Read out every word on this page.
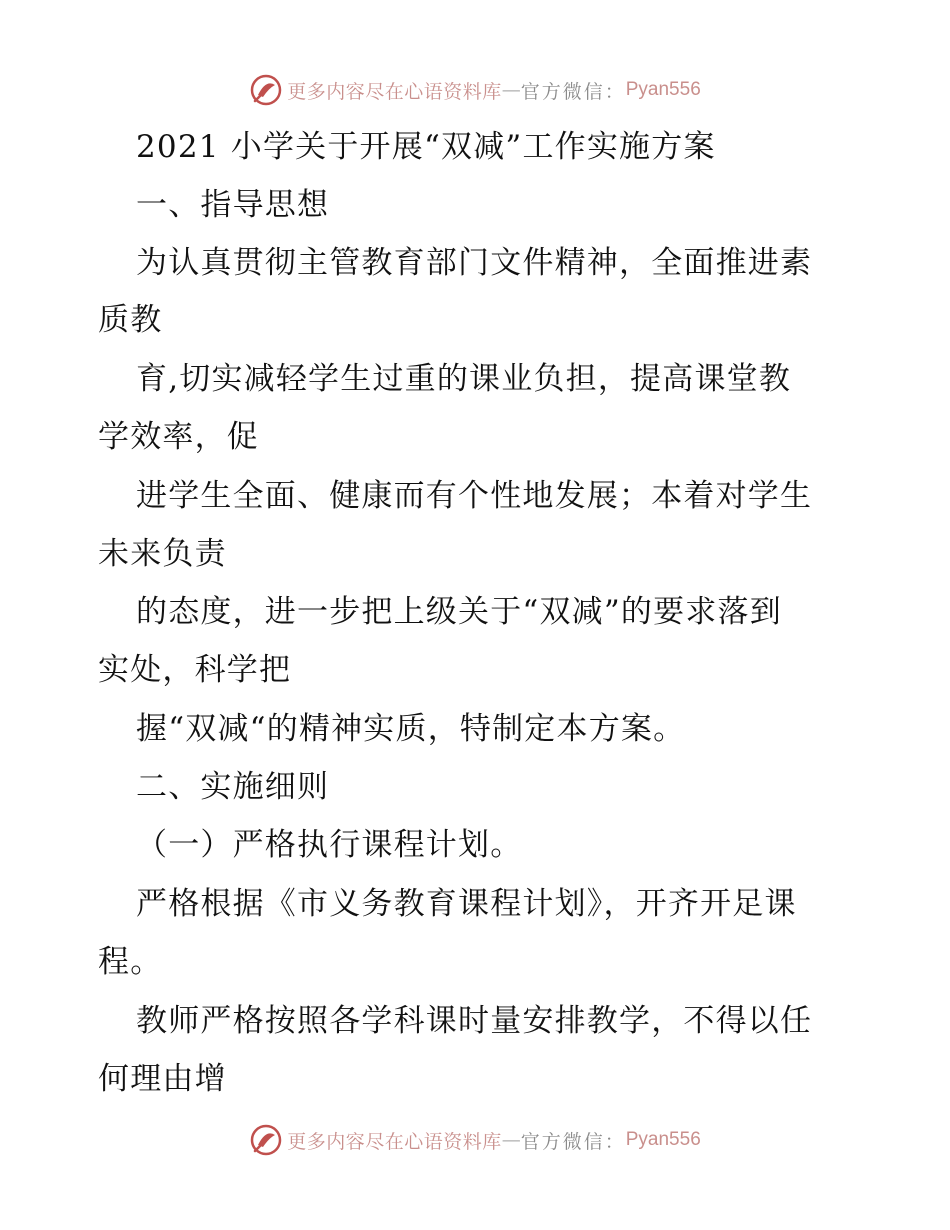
更多内容尽在心语资料库 — 官方微信： Pyan556
2021 小学关于开展“双减”工作实施方案
一、指导思想
为认真贯彻主管教育部门文件精神，全面推进素
质教
育,切实减轻学生过重的课业负担，提高课堂教
学效率，促
进学生全面、健康而有个性地发展；本着对学生
未来负责
的态度，进一步把上级关于“双减”的要求落到
实处，科学把
握“双减“的精神实质，特制定本方案。
二、实施细则
（一）严格执行课程计划。
严格根据《市义务教育课程计划》，开齐开足课
程。
教师严格按照各学科课时量安排教学，不得以任
何理由增
更多内容尽在心语资料库 — 官方微信： Pyan556
